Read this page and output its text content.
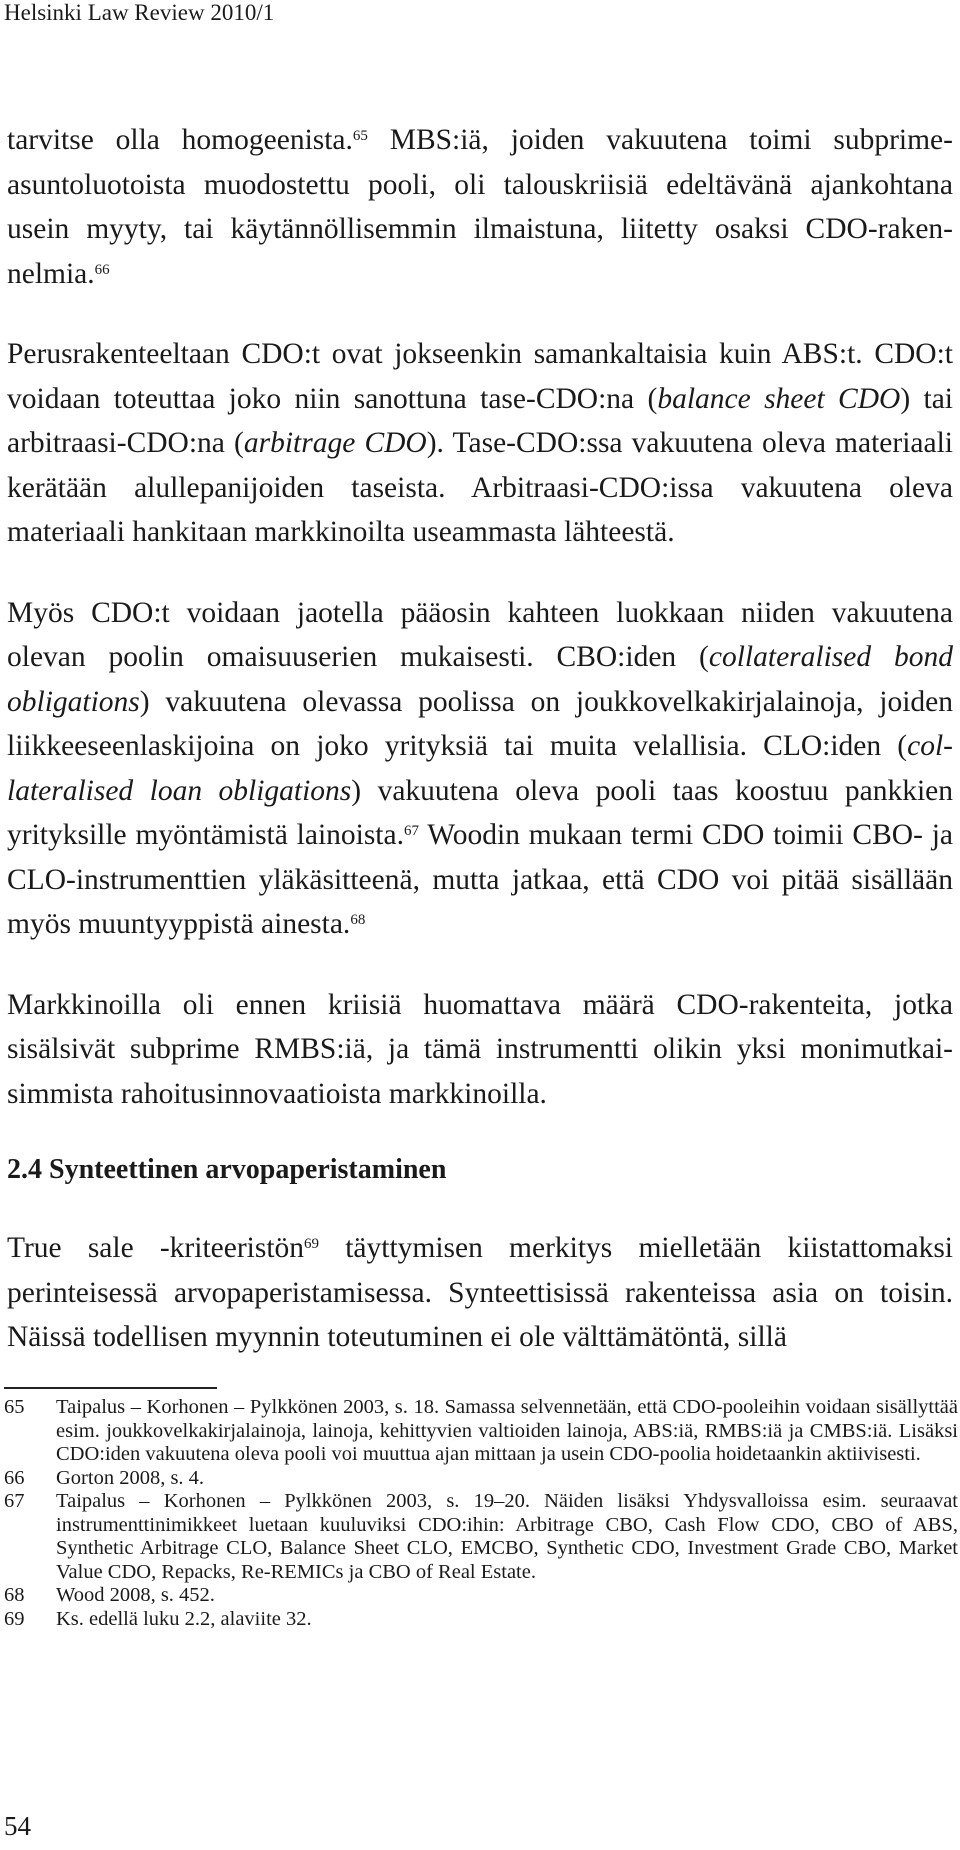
Helsinki Law Review 2010/1

tarvitse olla homogeenista.$^{65}$ MBS:iä, joiden vakuutena toimi subprime-asuntoluotoista muodostettu pooli, oli talouskriisiä edeltävänä ajankohtana usein myyty, tai käytännöllisemmin ilmaistuna, liitetty osaksi CDO-rakennelmia.$^{66}$

Perusrakenteeltaan CDO:t ovat jokseenkin samankaltaisia kuin ABS:t. CDO:t voidaan toteuttaa joko niin sanottuna tase-CDO:na (balance sheet CDO) tai arbitraasi-CDO:na (arbitrage CDO). Tase-CDO:ssa vakuutena oleva materiaali kerätään alullepanijoiden taseista. Arbitraasi-CDO:issa vakuutena oleva materiaali hankitaan markkinoilta useammasta lähteestä.

Myös CDO:t voidaan jaotella pääosin kahteen luokkaan niiden vakuutena olevan poolin omaisuuserien mukaisesti. CBO:iden (collateralised bond obligations) vakuutena olevassa poolissa on joukkovelkakirjalainoja, joiden liikkeeseenlaskijoina on joko yrityksiä tai muita velallisia. CLO:iden (collateralised loan obligations) vakuutena oleva pooli taas koostuu pankkien yrityksille myöntämistä lainoista.$^{67}$ Woodin mukaan termi CDO toimii CBO- ja CLO-instrumenttien yläkäsitteenä, mutta jatkaa, että CDO voi pitää sisällään myös muuntyyppistä ainesta.$^{68}$

Markkinoilla oli ennen kriisiä huomattava määrä CDO-rakenteita, jotka sisälsivät subprime RMBS:iä, ja tämä instrumentti olikin yksi monimutkaisimmista rahoitusinnovaatioista markkinoilla.

2.4 Synteettinen arvopaperistaminen

True sale -kriteeristön$^{69}$ täyttymisen merkitys mielletään kiistattomaksi perinteisessä arvopaperistamisessa. Synteettisissä rakenteissa asia on toisin. Näissä todellisen myynnin toteutuminen ei ole välttämätöntä, sillä

65	Taipalus – Korhonen – Pylkkönen 2003, s. 18. Samassa selvennetään, että CDO-pooleihin voidaan sisällyttää esim. joukkovelkakirjalainoja, lainoja, kehittyvien valtioiden lainoja, ABS:iä, RMBS:iä ja CMBS:iä. Lisäksi CDO:iden vakuutena oleva pooli voi muuttua ajan mittaan ja usein CDO-poolia hoidetaankin aktiivisesti.
66	Gorton 2008, s. 4.
67	Taipalus – Korhonen – Pylkkönen 2003, s. 19–20. Näiden lisäksi Yhdysvalloissa esim. seuraavat instrumenttinimikkeet luetaan kuuluviksi CDO:ihin: Arbitrage CBO, Cash Flow CDO, CBO of ABS, Synthetic Arbitrage CLO, Balance Sheet CLO, EMCBO, Synthetic CDO, Investment Grade CBO, Market Value CDO, Repacks, Re-REMICs ja CBO of Real Estate.
68	Wood 2008, s. 452.
69	Ks. edellä luku 2.2, alaviite 32.
54
